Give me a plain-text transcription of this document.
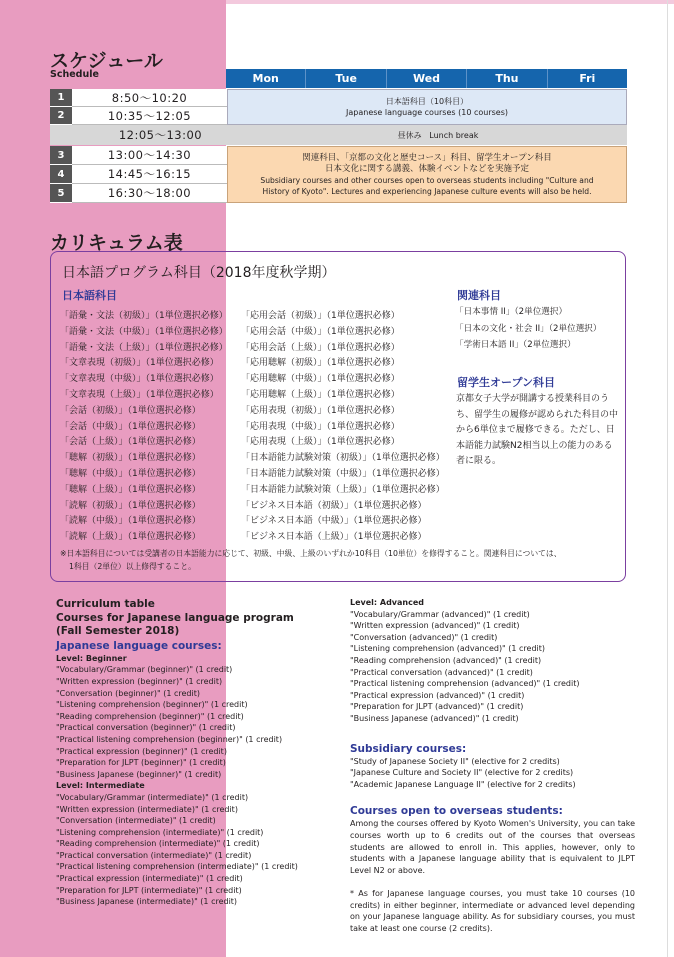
スケジュール
Schedule	Mon	Tue	Wed	Thu	Fri
1	8:50〜10:20
2	10:35〜12:05
日本語科目（10科目）
Japanese language courses (10 courses)
12:05〜13:00	昼休み Lunch break
3	13:00〜14:30
4	14:45〜16:15
5	16:30〜18:00
関連科目、「京都の文化と歴史コース」科目、留学生オープン科目
日本文化に関する講義、体験イベントなどを実施予定
Subsidiary courses and other courses open to overseas students including "Culture and
History of Kyoto". Lectures and experiencing Japanese culture events will also be held.
カリキュラム表
日本語プログラム科目（2018年度秋学期）
日本語科目
「語彙・文法（初級）」（1単位選択必修）
「語彙・文法（中級）」（1単位選択必修）
「語彙・文法（上級）」（1単位選択必修）
「文章表現（初級）」（1単位選択必修）
「文章表現（中級）」（1単位選択必修）
「文章表現（上級）」（1単位選択必修）
「会話（初級）」（1単位選択必修）
「会話（中級）」（1単位選択必修）
「会話（上級）」（1単位選択必修）
「聴解（初級）」（1単位選択必修）
「聴解（中級）」（1単位選択必修）
「聴解（上級）」（1単位選択必修）
「読解（初級）」（1単位選択必修）
「読解（中級）」（1単位選択必修）
「読解（上級）」（1単位選択必修）
「応用会話（初級）」（1単位選択必修）
「応用会話（中級）」（1単位選択必修）
「応用会話（上級）」（1単位選択必修）
「応用聴解（初級）」（1単位選択必修）
「応用聴解（中級）」（1単位選択必修）
「応用聴解（上級）」（1単位選択必修）
「応用表現（初級）」（1単位選択必修）
「応用表現（中級）」（1単位選択必修）
「応用表現（上級）」（1単位選択必修）
「日本語能力試験対策（初級）」（1単位選択必修）
「日本語能力試験対策（中級）」（1単位選択必修）
「日本語能力試験対策（上級）」（1単位選択必修）
「ビジネス日本語（初級）」（1単位選択必修）
「ビジネス日本語（中級）」（1単位選択必修）
「ビジネス日本語（上級）」（1単位選択必修）
関連科目
「日本事情 II」（2単位選択）
「日本の文化・社会 II」（2単位選択）
「学術日本語 II」（2単位選択）
留学生オープン科目
京都女子大学が開講する授業科目のうち、留学生の履修が認められた科目の中から6単位まで履修できる。ただし、日本語能力試験N2相当以上の能力のある者に限る。
※日本語科目については受講者の日本語能力に応じて、初級、中級、上級のいずれか10科目（10単位）を修得すること。関連科目については、
1科目（2単位）以上修得すること。
Curriculum table
Courses for Japanese language program
(Fall Semester 2018)
Japanese language courses:
Level: Beginner
"Vocabulary/Grammar (beginner)" (1 credit)
"Written expression (beginner)" (1 credit)
"Conversation (beginner)" (1 credit)
"Listening comprehension (beginner)" (1 credit)
"Reading comprehension (beginner)" (1 credit)
"Practical conversation (beginner)" (1 credit)
"Practical listening comprehension (beginner)" (1 credit)
"Practical expression (beginner)" (1 credit)
"Preparation for JLPT (beginner)" (1 credit)
"Business Japanese (beginner)" (1 credit)
Level: Intermediate
"Vocabulary/Grammar (intermediate)" (1 credit)
"Written expression (intermediate)" (1 credit)
"Conversation (intermediate)" (1 credit)
"Listening comprehension (intermediate)" (1 credit)
"Reading comprehension (intermediate)" (1 credit)
"Practical conversation (intermediate)" (1 credit)
"Practical listening comprehension (intermediate)" (1 credit)
"Practical expression (intermediate)" (1 credit)
"Preparation for JLPT (intermediate)" (1 credit)
"Business Japanese (intermediate)" (1 credit)
Level: Advanced
"Vocabulary/Grammar (advanced)" (1 credit)
"Written expression (advanced)" (1 credit)
"Conversation (advanced)" (1 credit)
"Listening comprehension (advanced)" (1 credit)
"Reading comprehension (advanced)" (1 credit)
"Practical conversation (advanced)" (1 credit)
"Practical listening comprehension (advanced)" (1 credit)
"Practical expression (advanced)" (1 credit)
"Preparation for JLPT (advanced)" (1 credit)
"Business Japanese (advanced)" (1 credit)
Subsidiary courses:
"Study of Japanese Society II" (elective for 2 credits)
"Japanese Culture and Society II" (elective for 2 credits)
"Academic Japanese Language II" (elective for 2 credits)
Courses open to overseas students:
Among the courses offered by Kyoto Women's University, you can take courses worth up to 6 credits out of the courses that overseas students are allowed to enroll in. This applies, however, only to students with a Japanese language ability that is equivalent to JLPT Level N2 or above.
* As for Japanese language courses, you must take 10 courses (10 credits) in either beginner, intermediate or advanced level depending on your Japanese language ability. As for subsidiary courses, you must take at least one course (2 credits).
